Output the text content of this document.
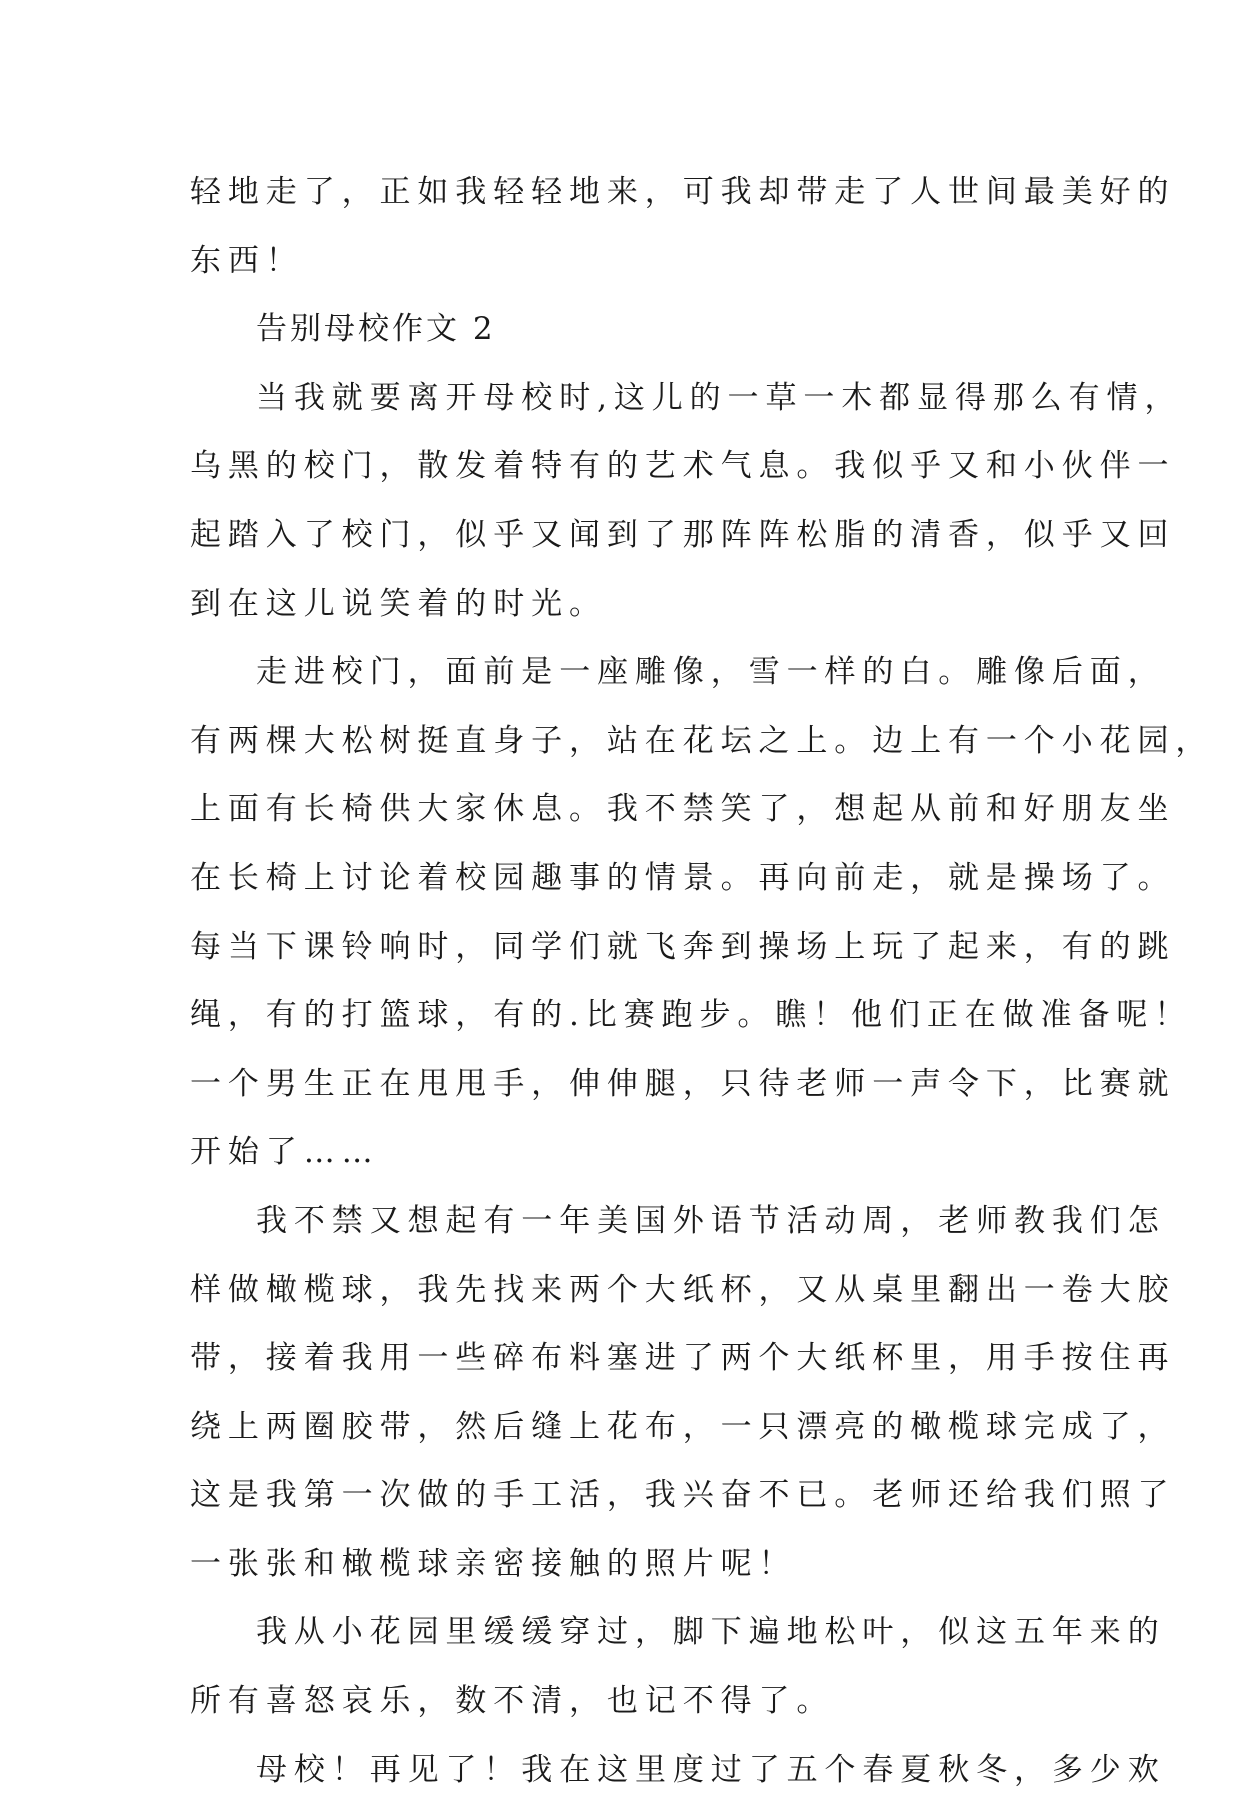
轻地走了，正如我轻轻地来，可我却带走了人世间最美好的
东西！
告别母校作文 2
当我就要离开母校时,这儿的一草一木都显得那么有情，
乌黑的校门，散发着特有的艺术气息。我似乎又和小伙伴一
起踏入了校门，似乎又闻到了那阵阵松脂的清香，似乎又回
到在这儿说笑着的时光。
走进校门，面前是一座雕像，雪一样的白。雕像后面，
有两棵大松树挺直身子，站在花坛之上。边上有一个小花园，
上面有长椅供大家休息。我不禁笑了，想起从前和好朋友坐
在长椅上讨论着校园趣事的情景。再向前走，就是操场了。
每当下课铃响时，同学们就飞奔到操场上玩了起来，有的跳
绳，有的打篮球，有的.比赛跑步。瞧！他们正在做准备呢！
一个男生正在甩甩手，伸伸腿，只待老师一声令下，比赛就
开始了……
我不禁又想起有一年美国外语节活动周，老师教我们怎
样做橄榄球，我先找来两个大纸杯，又从桌里翻出一卷大胶
带，接着我用一些碎布料塞进了两个大纸杯里，用手按住再
绕上两圈胶带，然后缝上花布，一只漂亮的橄榄球完成了，
这是我第一次做的手工活，我兴奋不已。老师还给我们照了
一张张和橄榄球亲密接触的照片呢！
我从小花园里缓缓穿过，脚下遍地松叶，似这五年来的
所有喜怒哀乐，数不清，也记不得了。
母校！再见了！我在这里度过了五个春夏秋冬，多少欢
